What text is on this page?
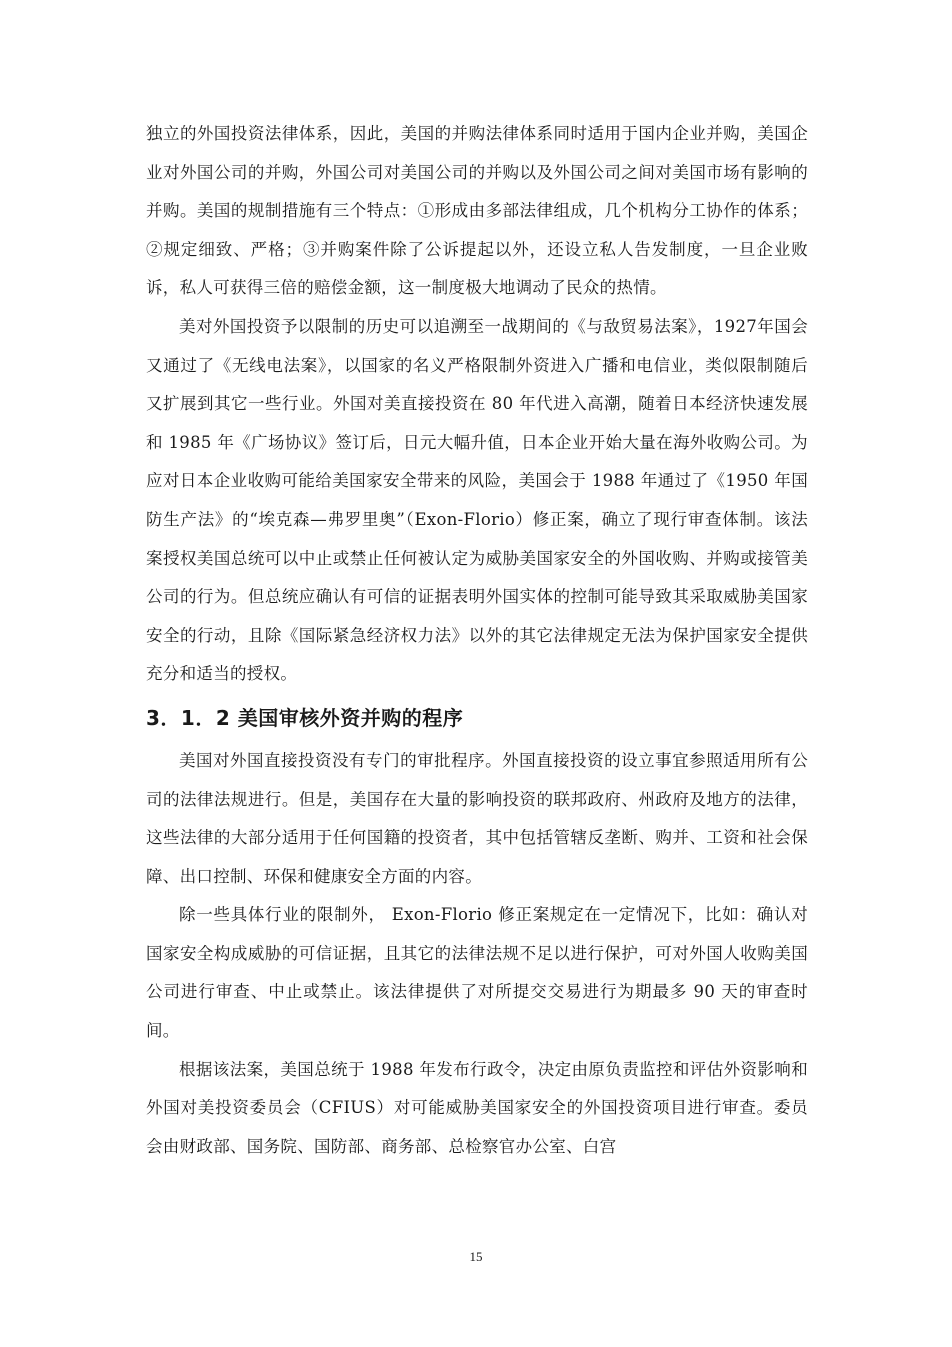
独立的外国投资法律体系，因此，美国的并购法律体系同时适用于国内企业并购，美国企业对外国公司的并购，外国公司对美国公司的并购以及外国公司之间对美国市场有影响的并购。美国的规制措施有三个特点：①形成由多部法律组成，几个机构分工协作的体系；②规定细致、严格；③并购案件除了公诉提起以外，还设立私人告发制度，一旦企业败诉，私人可获得三倍的赔偿金额，这一制度极大地调动了民众的热情。

美对外国投资予以限制的历史可以追溯至一战期间的《与敌贸易法案》，1927年国会又通过了《无线电法案》，以国家的名义严格限制外资进入广播和电信业，类似限制随后又扩展到其它一些行业。外国对美直接投资在 80 年代进入高潮，随着日本经济快速发展和 1985 年《广场协议》签订后，日元大幅升值，日本企业开始大量在海外收购公司。为应对日本企业收购可能给美国家安全带来的风险，美国会于 1988 年通过了《1950 年国防生产法》的“埃克森—弗罗里奥”（Exon-Florio）修正案，确立了现行审查体制。该法案授权美国总统可以中止或禁止任何被认定为威胁美国家安全的外国收购、并购或接管美公司的行为。但总统应确认有可信的证据表明外国实体的控制可能导致其采取威胁美国家安全的行动，且除《国际紧急经济权力法》以外的其它法律规定无法为保护国家安全提供充分和适当的授权。

3．1．2 美国审核外资并购的程序

美国对外国直接投资没有专门的审批程序。外国直接投资的设立事宜参照适用所有公司的法律法规进行。但是，美国存在大量的影响投资的联邦政府、州政府及地方的法律，这些法律的大部分适用于任何国籍的投资者，其中包括管辖反垄断、购并、工资和社会保障、出口控制、环保和健康安全方面的内容。

除一些具体行业的限制外， Exon-Florio 修正案规定在一定情况下，比如：确认对国家安全构成威胁的可信证据，且其它的法律法规不足以进行保护，可对外国人收购美国公司进行审查、中止或禁止。该法律提供了对所提交交易进行为期最多 90 天的审查时间。

根据该法案，美国总统于 1988 年发布行政令，决定由原负责监控和评估外资影响和外国对美投资委员会（CFIUS）对可能威胁美国家安全的外国投资项目进行审查。委员会由财政部、国务院、国防部、商务部、总检察官办公室、白宫

15
